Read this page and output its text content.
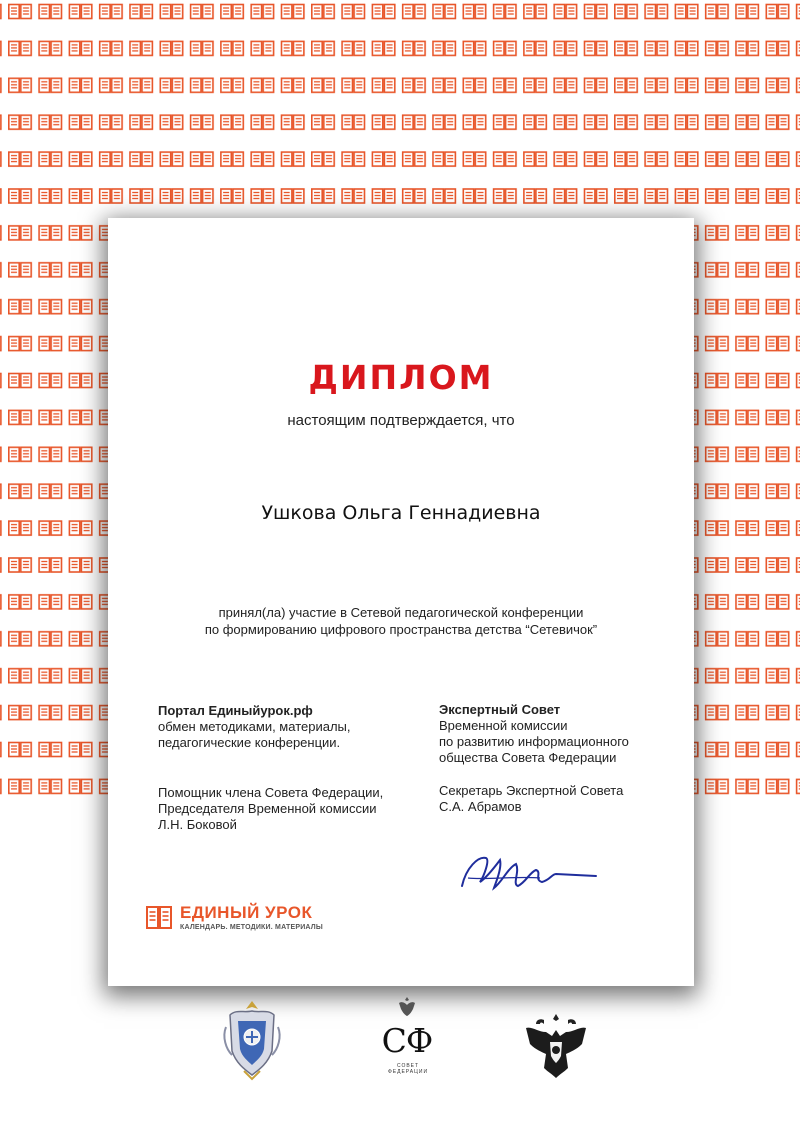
ДИПЛОМ
настоящим подтверждается, что
Ушкова Ольга Геннадиевна
принял(ла) участие в Сетевой педагогической конференции
по формированию цифрового пространства детства “Сетевичок”
Портал Единыйурок.рф
обмен методиками, материалы,
педагогические конференции.
Помощник члена Совета Федерации,
Председателя Временной комиссии
Л.Н. Боковой
Экспертный Совет
Временной комиссии
по развитию информационного
общества Совета Федерации
Секретарь Экспертной Совета
С.А. Абрамов
ЕДИНЫЙ УРОК
КАЛЕНДАРЬ. МЕТОДИКИ. МАТЕРИАЛЫ
СФ
СОВЕТ ФЕДЕРАЦИИ
